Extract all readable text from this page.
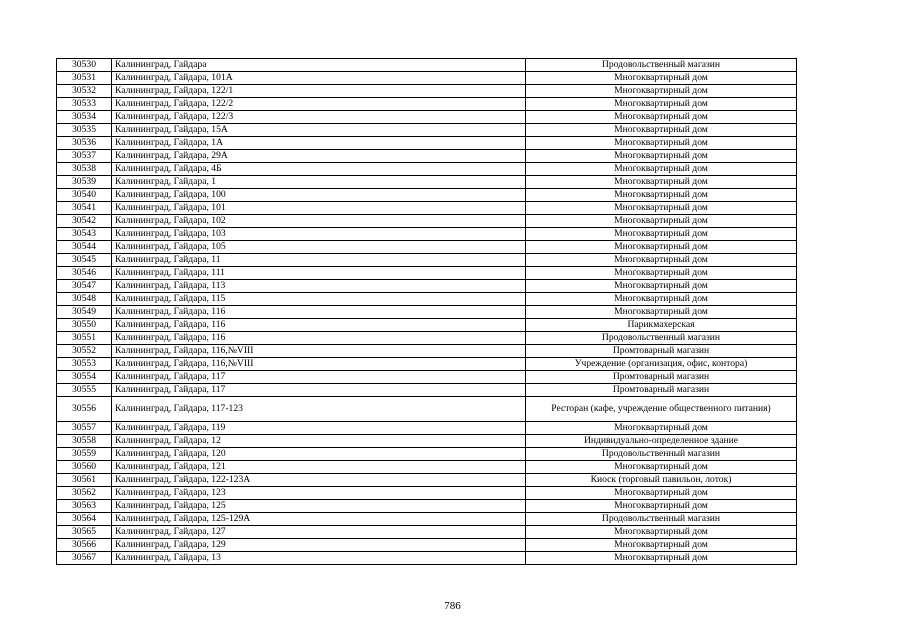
30530	Калининград, Гайдара	Продовольственный магазин
30531	Калининград, Гайдара, 101А	Многоквартирный дом
30532	Калининград, Гайдара, 122/1	Многоквартирный дом
30533	Калининград, Гайдара, 122/2	Многоквартирный дом
30534	Калининград, Гайдара, 122/3	Многоквартирный дом
30535	Калининград, Гайдара, 15А	Многоквартирный дом
30536	Калининград, Гайдара, 1А	Многоквартирный дом
30537	Калининград, Гайдара, 29А	Многоквартирный дом
30538	Калининград, Гайдара, 4Б	Многоквартирный дом
30539	Калининград, Гайдара, 1	Многоквартирный дом
30540	Калининград, Гайдара, 100	Многоквартирный дом
30541	Калининград, Гайдара, 101	Многоквартирный дом
30542	Калининград, Гайдара, 102	Многоквартирный дом
30543	Калининград, Гайдара, 103	Многоквартирный дом
30544	Калининград, Гайдара, 105	Многоквартирный дом
30545	Калининград, Гайдара, 11	Многоквартирный дом
30546	Калининград, Гайдара, 111	Многоквартирный дом
30547	Калининград, Гайдара, 113	Многоквартирный дом
30548	Калининград, Гайдара, 115	Многоквартирный дом
30549	Калининград, Гайдара, 116	Многоквартирный дом
30550	Калининград, Гайдара, 116	Парикмахерская
30551	Калининград, Гайдара, 116	Продовольственный магазин
30552	Калининград, Гайдара, 116,№VIII	Промтоварный магазин
30553	Калининград, Гайдара, 116,№VIII	Учреждение (организация, офис, контора)
30554	Калининград, Гайдара, 117	Промтоварный магазин
30555	Калининград, Гайдара, 117	Промтоварный магазин
30556	Калининград, Гайдара, 117-123	Ресторан (кафе, учреждение общественного питания)
30557	Калининград, Гайдара, 119	Многоквартирный дом
30558	Калининград, Гайдара, 12	Индивидуально-определенное здание
30559	Калининград, Гайдара, 120	Продовольственный магазин
30560	Калининград, Гайдара, 121	Многоквартирный дом
30561	Калининград, Гайдара, 122-123А	Киоск (торговый павильон, лоток)
30562	Калининград, Гайдара, 123	Многоквартирный дом
30563	Калининград, Гайдара, 125	Многоквартирный дом
30564	Калининград, Гайдара, 125-129А	Продовольственный магазин
30565	Калининград, Гайдара, 127	Многоквартирный дом
30566	Калининград, Гайдара, 129	Многоквартирный дом
30567	Калининград, Гайдара, 13	Многоквартирный дом
786
